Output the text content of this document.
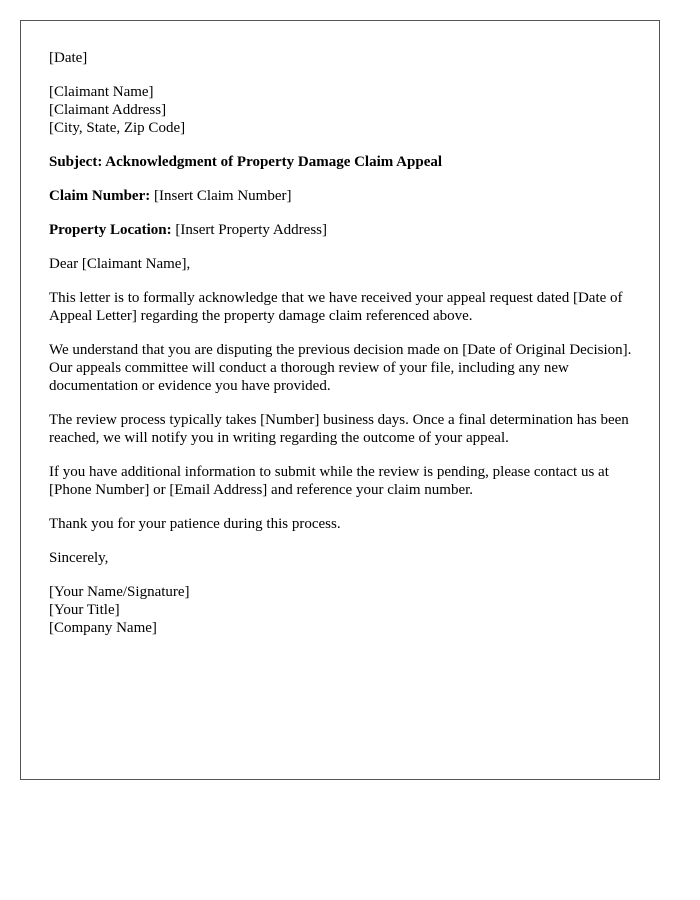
[Date]

[Claimant Name]
[Claimant Address]
[City, State, Zip Code]

Subject: Acknowledgment of Property Damage Claim Appeal

Claim Number: [Insert Claim Number]

Property Location: [Insert Property Address]

Dear [Claimant Name],

This letter is to formally acknowledge that we have received your appeal request dated [Date of Appeal Letter] regarding the property damage claim referenced above.

We understand that you are disputing the previous decision made on [Date of Original Decision]. Our appeals committee will conduct a thorough review of your file, including any new documentation or evidence you have provided.

The review process typically takes [Number] business days. Once a final determination has been reached, we will notify you in writing regarding the outcome of your appeal.

If you have additional information to submit while the review is pending, please contact us at [Phone Number] or [Email Address] and reference your claim number.

Thank you for your patience during this process.

Sincerely,

[Your Name/Signature]
[Your Title]
[Company Name]
